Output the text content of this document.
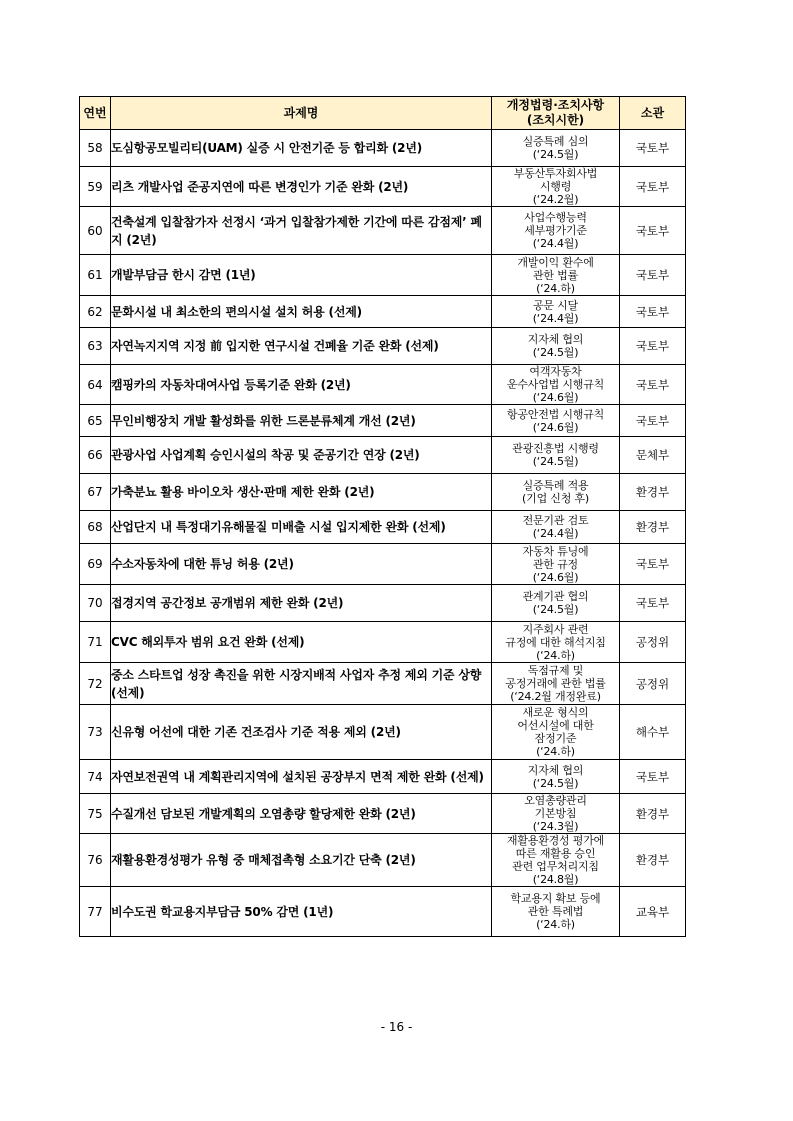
연번	과제명	개정법령·조치사항
(조치시한)	소관
58	도심항공모빌리티(UAM) 실증 시 안전기준 등 합리화 (2년)	실증특례 심의
(‘24.5월)	국토부
59	리츠 개발사업 준공지연에 따른 변경인가 기준 완화 (2년)	부동산투자회사법
시행령
(‘24.2월)	국토부
60	건축설계 입찰참가자 선정시 ‘과거 입찰참가제한 기간에 따른 감점제’ 폐지 (2년)	사업수행능력
세부평가기준
(‘24.4월)	국토부
61	개발부담금 한시 감면 (1년)	개발이익 환수에
관한 법률
(‘24.하)	국토부
62	문화시설 내 최소한의 편의시설 설치 허용 (선제)	공문 시달
(‘24.4월)	국토부
63	자연녹지지역 지정 前 입지한 연구시설 건폐율 기준 완화 (선제)	지자체 협의
(‘24.5월)	국토부
64	캠핑카의 자동차대여사업 등록기준 완화 (2년)	여객자동차
운수사업법 시행규칙
(‘24.6월)	국토부
65	무인비행장치 개발 활성화를 위한 드론분류체계 개선 (2년)	항공안전법 시행규칙
(‘24.6월)	국토부
66	관광사업 사업계획 승인시설의 착공 및 준공기간 연장 (2년)	관광진흥법 시행령
(‘24.5월)	문체부
67	가축분뇨 활용 바이오차 생산·판매 제한 완화 (2년)	실증특례 적용
(기업 신청 후)	환경부
68	산업단지 내 특정대기유해물질 미배출 시설 입지제한 완화 (선제)	전문기관 검토
(‘24.4월)	환경부
69	수소자동차에 대한 튜닝 허용 (2년)	자동차 튜닝에
관한 규정
(‘24.6월)	국토부
70	접경지역 공간정보 공개범위 제한 완화 (2년)	관계기관 협의
(‘24.5월)	국토부
71	CVC 해외투자 범위 요건 완화 (선제)	지주회사 관련
규정에 대한 해석지침
(‘24.하)	공정위
72	중소 스타트업 성장 촉진을 위한 시장지배적 사업자 추정 제외 기준 상향 (선제)	독점규제 및
공정거래에 관한 법률
(‘24.2월 개정완료)	공정위
73	신유형 어선에 대한 기존 건조검사 기준 적용 제외 (2년)	새로운 형식의
어선시설에 대한
잠정기준
(‘24.하)	해수부
74	자연보전권역 내 계획관리지역에 설치된 공장부지 면적 제한 완화 (선제)	지자체 협의
(‘24.5월)	국토부
75	수질개선 담보된 개발계획의 오염총량 할당제한 완화 (2년)	오염총량관리
기본방침
(‘24.3월)	환경부
76	재활용환경성평가 유형 중 매체접촉형 소요기간 단축 (2년)	재활용환경성 평가에
따른 재활용 승인
관련 업무처리지침
(‘24.8월)	환경부
77	비수도권 학교용지부담금 50% 감면 (1년)	학교용지 확보 등에
관한 특례법
(‘24.하)	교육부
- 16 -
